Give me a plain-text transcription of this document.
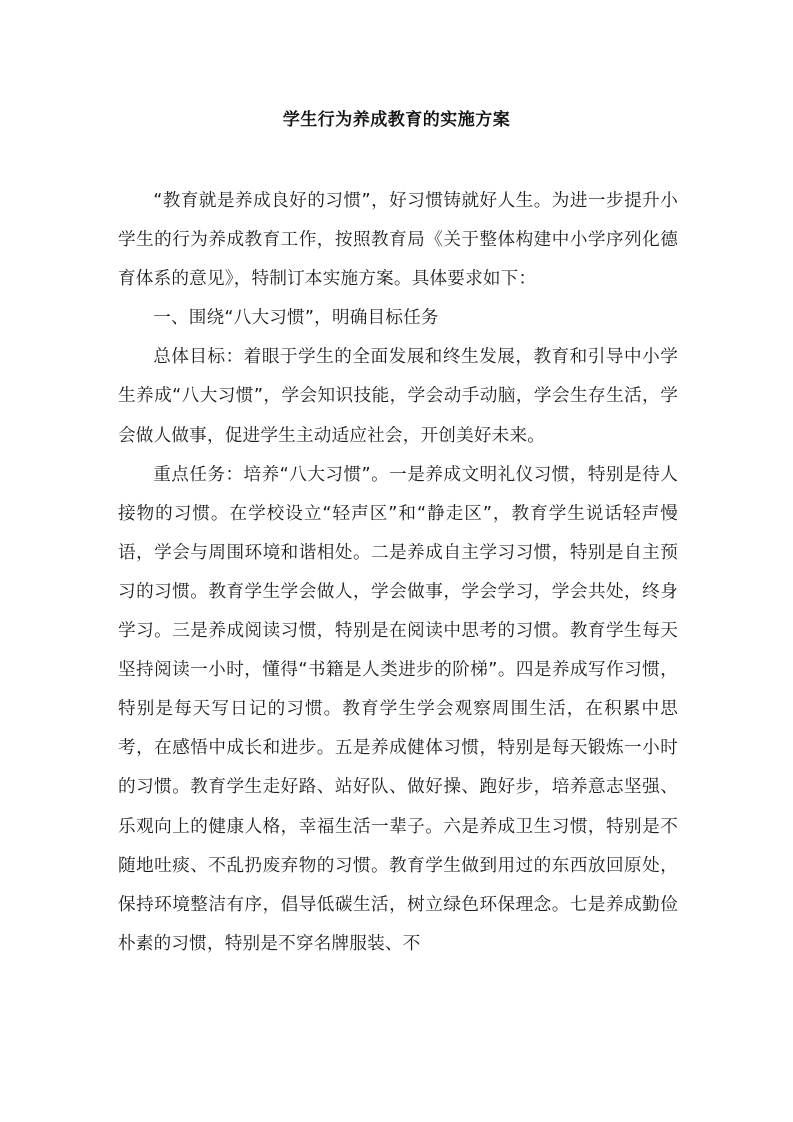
学生行为养成教育的实施方案

“教育就是养成良好的习惯”，好习惯铸就好人生。为进一步提升小学生的行为养成教育工作，按照教育局《关于整体构建中小学序列化德育体系的意见》，特制订本实施方案。具体要求如下：

一、围绕“八大习惯”，明确目标任务

总体目标：着眼于学生的全面发展和终生发展，教育和引导中小学生养成“八大习惯”，学会知识技能，学会动手动脑，学会生存生活，学会做人做事，促进学生主动适应社会，开创美好未来。

重点任务：培养“八大习惯”。一是养成文明礼仪习惯，特别是待人接物的习惯。在学校设立“轻声区”和“静走区”，教育学生说话轻声慢语，学会与周围环境和谐相处。二是养成自主学习习惯，特别是自主预习的习惯。教育学生学会做人，学会做事，学会学习，学会共处，终身学习。三是养成阅读习惯，特别是在阅读中思考的习惯。教育学生每天坚持阅读一小时，懂得“书籍是人类进步的阶梯”。四是养成写作习惯，特别是每天写日记的习惯。教育学生学会观察周围生活，在积累中思考，在感悟中成长和进步。五是养成健体习惯，特别是每天锻炼一小时的习惯。教育学生走好路、站好队、做好操、跑好步，培养意志坚强、乐观向上的健康人格，幸福生活一辈子。六是养成卫生习惯，特别是不随地吐痰、不乱扔废弃物的习惯。教育学生做到用过的东西放回原处，保持环境整洁有序，倡导低碳生活，树立绿色环保理念。七是养成勤俭朴素的习惯，特别是不穿名牌服装、不
